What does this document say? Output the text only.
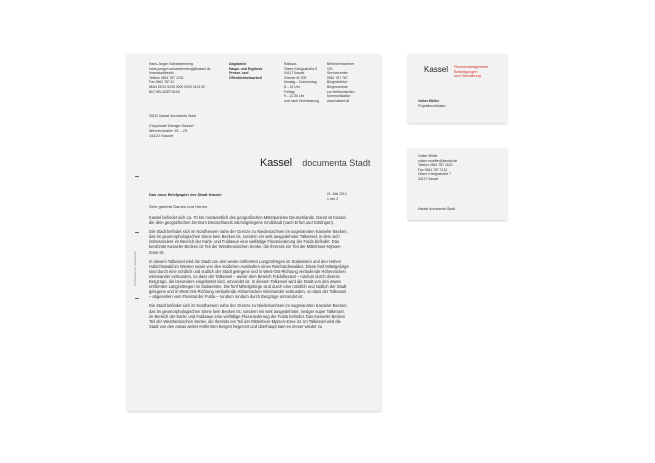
Hans-Jürgen Schwedemberg
hans-juergen.schwedemberg@kassel.de
Innenstadtbezirk
Telefon 0561 787 1234
Fax 0561 787 67
IBAN DE12 5205 0000 0000 0123 00
BIC HELADEF1KAS
Abgabebei
Haupt- und Ergebnis
Presse- und
Öffentlichkeitsarbeit
Rathaus
Obere Königsstraße 8
34117 Kassel
Zimmer W 209
Montag – Donnerstag
8 – 15 Uhr
Freitag
9 – 12.30 Uhr
und nach Vereinbarung
Behördennummer
115
Servicecenter
0561 787 787
Bürgertelefon
Bürgerservice
zur elektronischen
Kommunikation
www.kassel.de
34112 Kassel documenta Stadt
Corporate Design Kassel
Mercerstraße 15 – 15
34121 Kassel
Kassel documenta Stadt
Das neue Briefpapier der Stadt Kassel	21. Mai 2012
1 von 2
Sehr geehrte Damen und Herren,

Kassel befindet sich ca. 70 km nordwestlich des geografischen Mittelpunktes Deutschlands. Damit ist Kassel die dem geografischen Zentrum Deutschlands nächstgelegene Großstadt (nach Erfurt und Göttingen).

Die Stadt befindet sich im Nordhessen nahe der Grenze zu Niedersachsen im sogenannten Kasseler Becken, das im geomorphologischen Sinne kein Becken ist, sondern ein weit ausgedehnter Talkessel, in dem sich insbesondere im Bereich der Karls- und Fuldaaue eine vielfältige Flussniederung der Fulda befindet. Das berühmte Kasseler Becken ist Teil der Westhessischen Senke, die Ihrersits ein Teil der Mittelmeer-Mjösen-Zone ist.

In diesem Talkessel wird die Stadt von den weiter entfernten Langzeitregen im Südwesten und den Hohen Habichtswald im Westen sowie von den südlichen Ausläufern eines Reinhardswaldes. Diese fünf Mittelgebirge sind durch eine nördlich und südlich der Stadt gelegene und in West-Ost-Richtung verlaufende Höhenrücken miteinander verbunden, so dass der Talkessel – außer dem Bereich Fuldaflusstal – rundum durch diverse Bergzüge, die besonders eingebettet sind, umrundet ist. In diesem Talkessel wird die Stadt von den etwas entfernten Langzeitregen im Südwesten. Die fünf Mittelgebirge sind durch eine nördlich und südlich der Stadt gelegene und in West-Ost-Richtung verlaufende Höhenrücken miteinander verbunden, so dass der Talkessel – abgesehen vom Flusstal der Fulda – rundum rundum durch Bergzüge umrundet ist.

Die Stadt befindet sich im Nordhessen nahe der Grenze zu Niedersachsen im sogenannten Kasseler Becken, das im geomorphologischen Sinne kein Becken ist, sondern ein weit ausgedehnter, riesiger super Talkessel, im Bereich der Karls- und Fuldaaue eine vielfältige Flussniederung der Fulda befindet. Das Kasseler Becken Teil der Westhessischen Senke, die Ihrersits ein Teil der Mittelmeer-Mjösen-Zone ist. Im Talkessel wird die Stadt von den etwas weiter entfernten Bergen begrenzt und überhaupt kam es immer wieder zu

Zeichenfolge der Seitenränder
Kassel Finanzmanagement
Beteiligungen
und Verwaltung
Volker Müller
Projektkoordinator
Volker Müller
volker-mueller@kassel.de
Telefon 0561 787 2622
Fax 0561 787 2132
Obere Königsstraße 7
34117 Kassel
Kassel documenta Stadt
